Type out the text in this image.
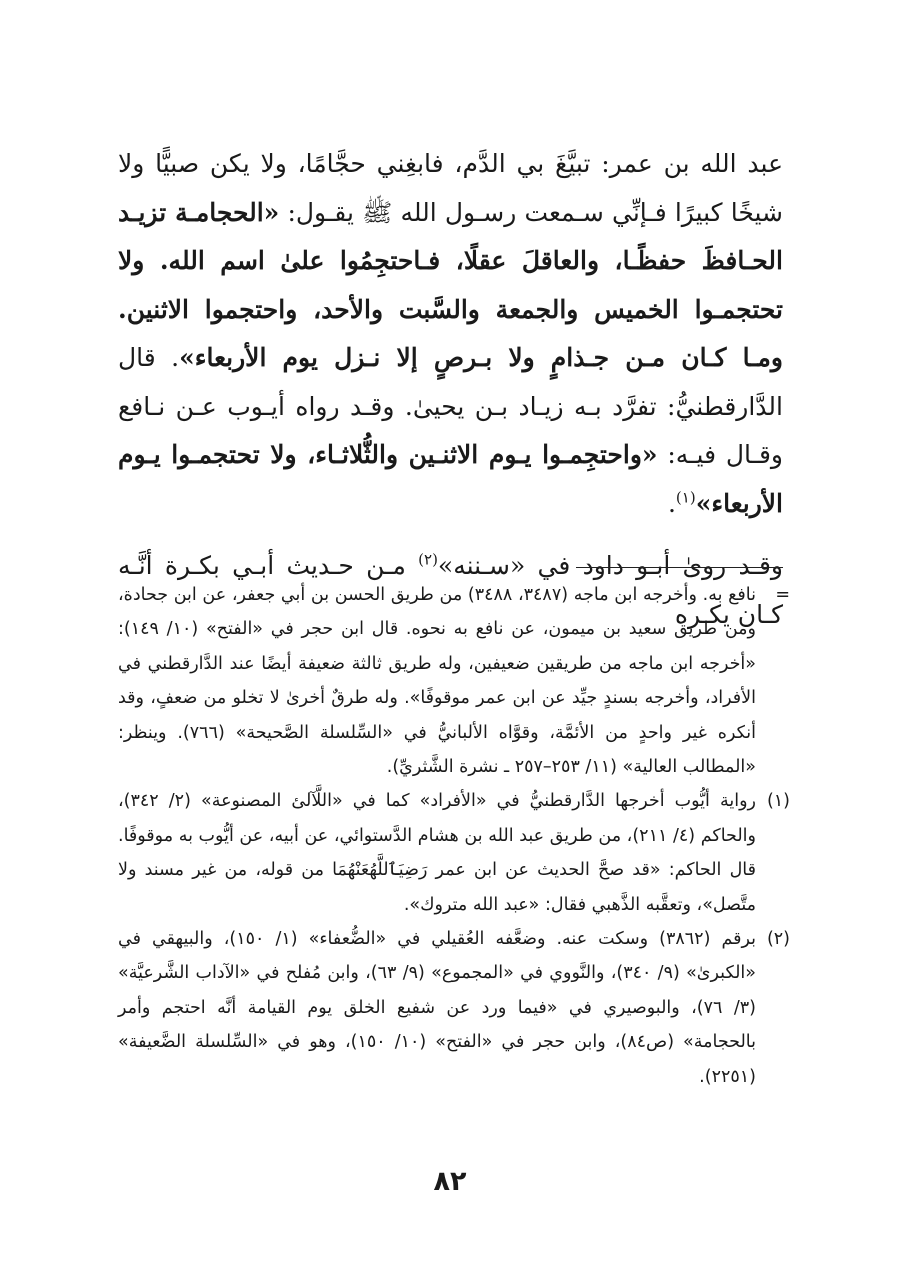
عبد الله بن عمر: تبيَّغَ بي الدَّم، فابغِني حجَّامًا، ولا يكن صبيًّا ولا شيخًا كبيرًا فـإنِّي سـمعت رسـول الله ﷺ يقـول: «الحجامـة تزيـد الحـافظَ حفظًـا، والعاقلَ عقلًا، فـاحتجِمُوا علىٰ اسم الله. ولا تحتجمـوا الخميس والجمعة والسَّبت والأحد، واحتجموا الاثنين. ومـا كـان مـن جـذامٍ ولا بـرصٍ إلا نـزل يوم الأربعاء». قال الدَّارقطنيُّ: تفرَّد بـه زيـاد بـن يحيىٰ. وقـد رواه أيـوب عـن نـافع وقـال فيـه: «واحتجِمـوا يـوم الاثنـين والثُّلاثـاء، ولا تحتجمـوا يـوم الأربعاء»$^{(١)}$.

وقـد روىٰ أبـو داود في «سـننه»$^{(٢)}$ مـن حـديث أبـي بكـرة أنَّـه كـان يكـره

=
نافع به. وأخرجه ابن ماجه (٣٤٨٧، ٣٤٨٨) من طريق الحسن بن أبي جعفر، عن ابن جحادة، ومن طريق سعيد بن ميمون، عن نافع به نحوه. قال ابن حجر في «الفتح» (١٠/ ١٤٩): «أخرجه ابن ماجه من طريقين ضعيفين، وله طريق ثالثة ضعيفة أيضًا عند الدَّارقطني في الأفراد، وأخرجه بسندٍ جيِّد عن ابن عمر موقوفًا». وله طرقٌ أخرىٰ لا تخلو من ضعفٍ، وقد أنكره غير واحدٍ من الأئمَّة، وقوَّاه الألبانيُّ في «السِّلسلة الصَّحيحة» (٧٦٦). وينظر: «المطالب العالية» (١١/ ٢٥٣–٢٥٧ ـ نشرة الشَّثريِّ).
(١)
رواية أيُّوب أخرجها الدَّارقطنيُّ في «الأفراد» كما في «اللَّآلئ المصنوعة» (٢/ ٣٤٢)، والحاكم (٤/ ٢١١)، من طريق عبد الله بن هشام الدَّستوائي، عن أبيه، عن أيُّوب به موقوفًا. قال الحاكم: «قد صحَّ الحديث عن ابن عمر رَضِيَٱللَّهُعَنْهُمَا من قوله، من غير مسند ولا متَّصل»، وتعقَّبه الذَّهبي فقال: «عبد الله متروك».
(٢)
برقم (٣٨٦٢) وسكت عنه. وضعَّفه العُقيلي في «الضُّعفاء» (١/ ١٥٠)، والبيهقي في «الكبرىٰ» (٩/ ٣٤٠)، والنَّووي في «المجموع» (٩/ ٦٣)، وابن مُفلح في «الآداب الشَّرعيَّة» (٣/ ٧٦)، والبوصيري في «فيما ورد عن شفيع الخلق يوم القيامة أنَّه احتجم وأمر بالحجامة» (ص٨٤)، وابن حجر في «الفتح» (١٠/ ١٥٠)، وهو في «السِّلسلة الضَّعيفة» (٢٢٥١).
٨٢
